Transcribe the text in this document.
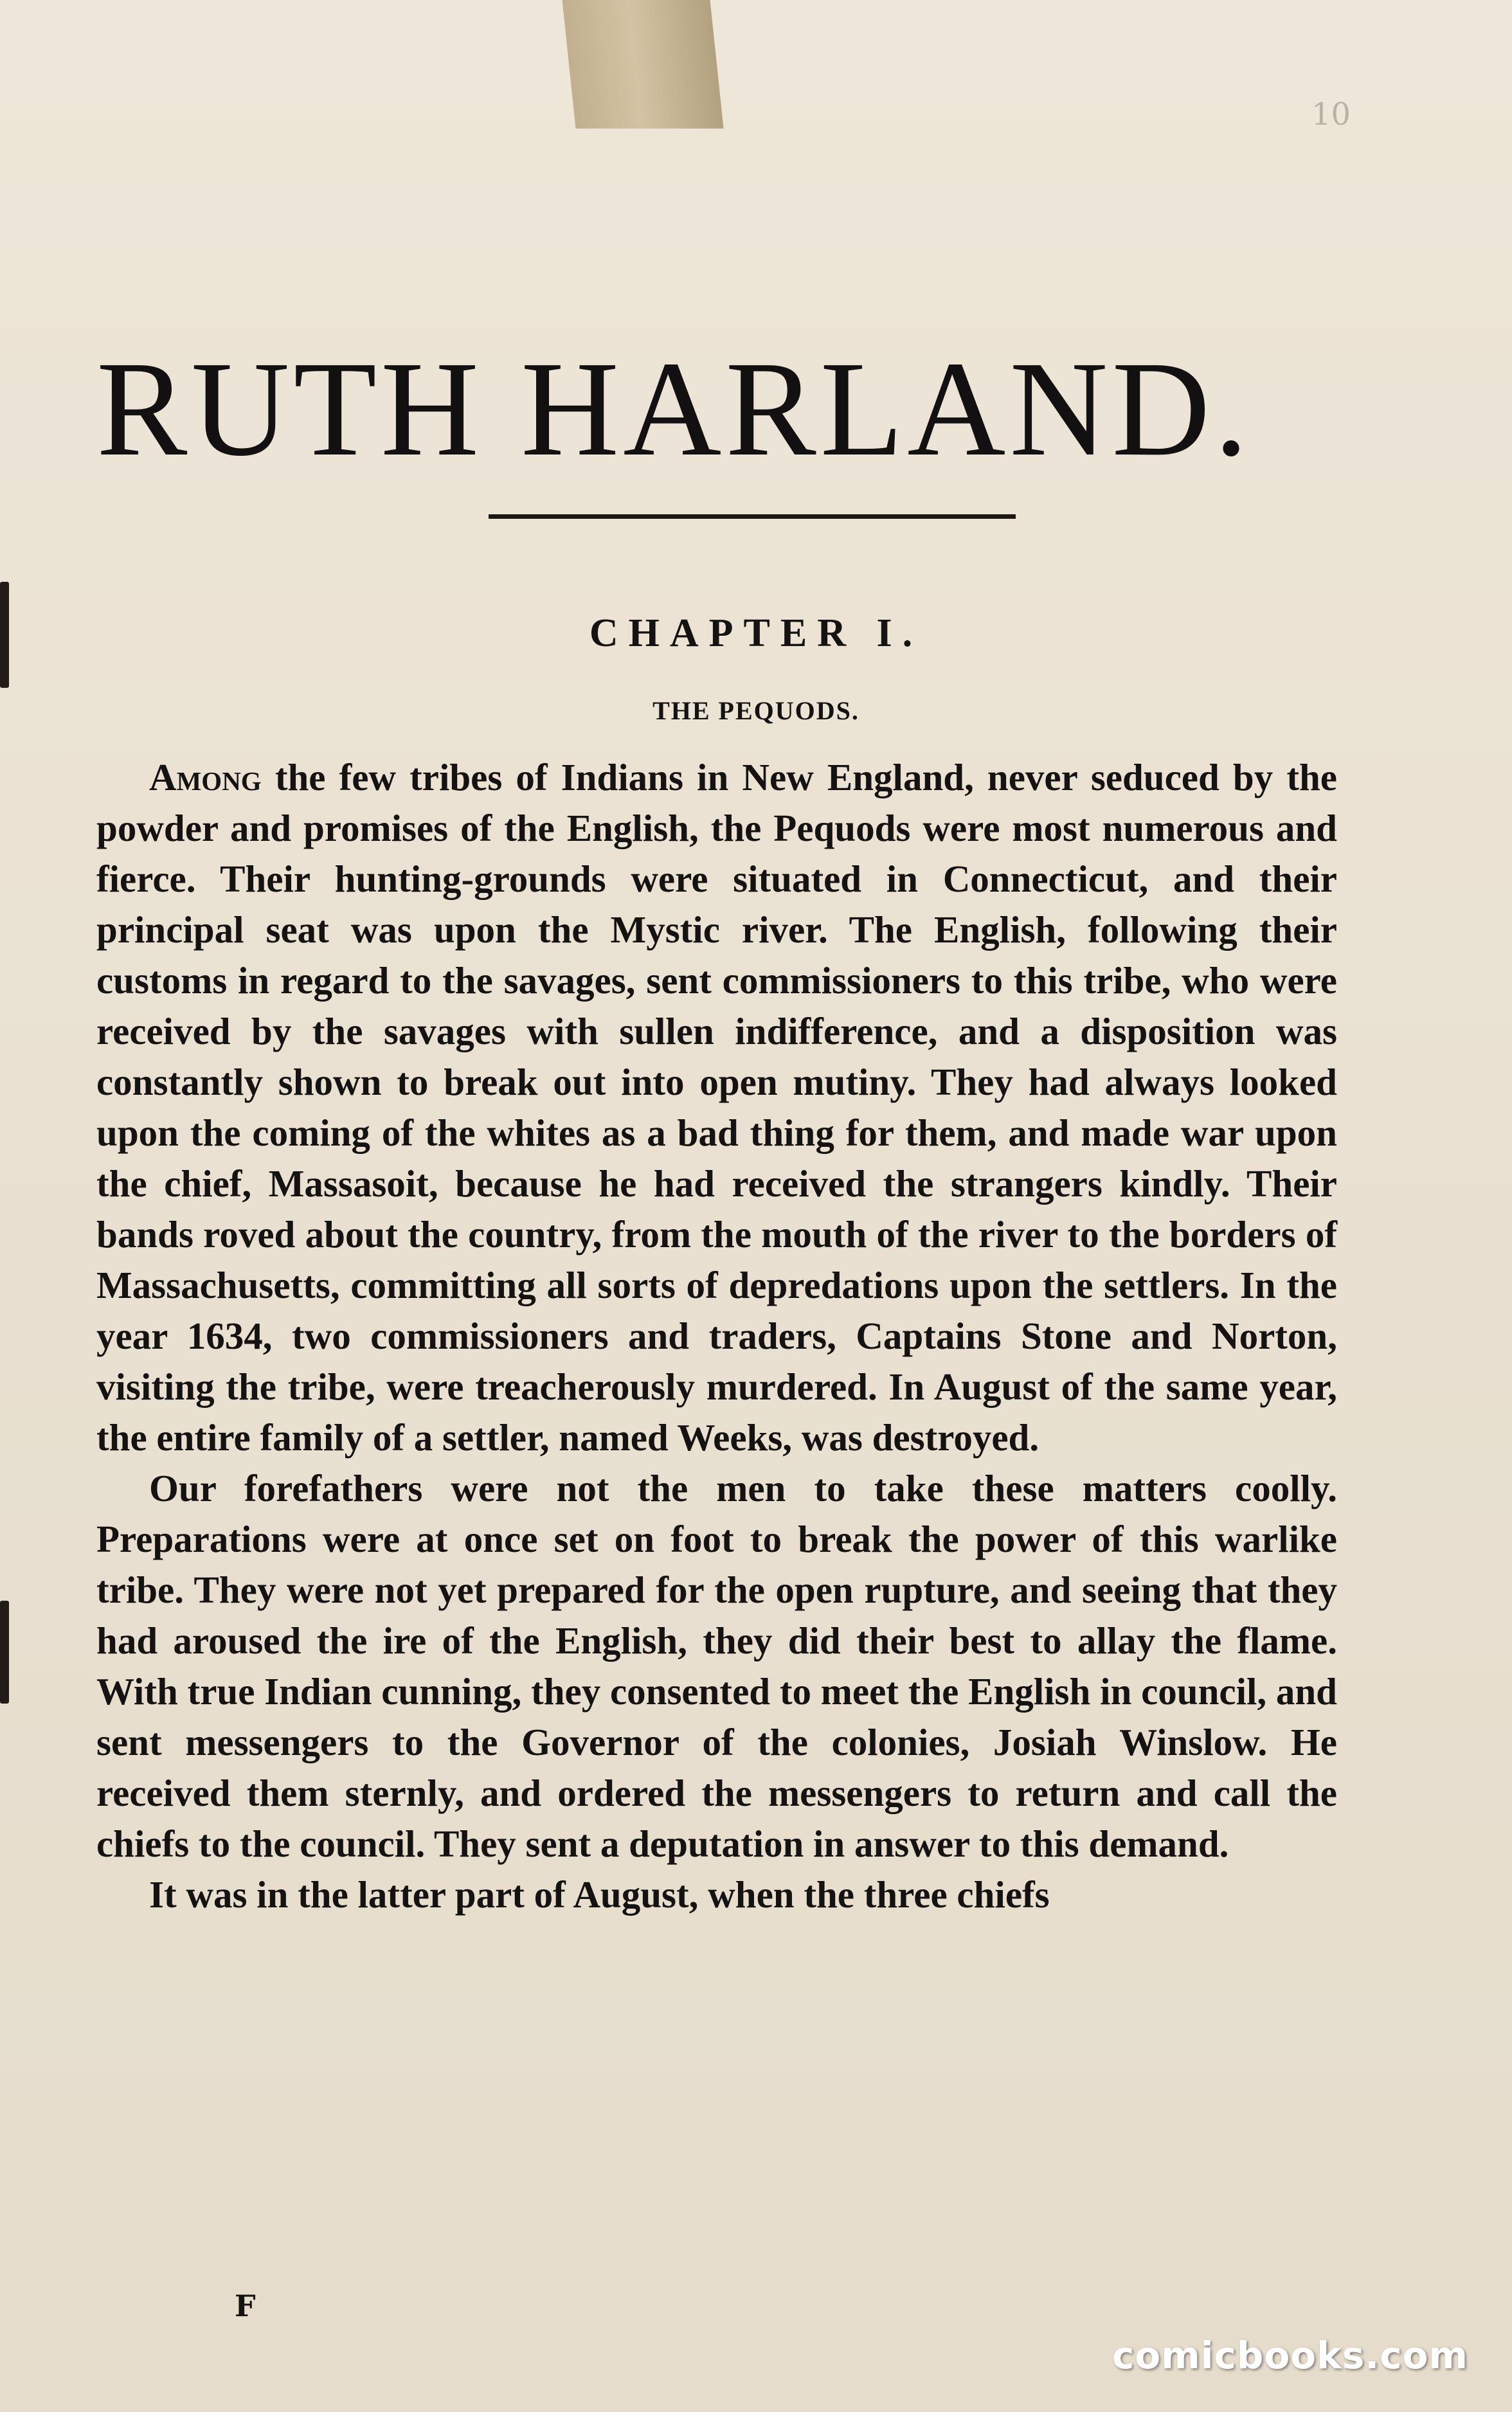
10
RUTH HARLAND.
CHAPTER I.
THE PEQUODS.

Among the few tribes of Indians in New England, never seduced by the powder and promises of the English, the Pequods were most numerous and fierce. Their hunting-grounds were situated in Connecticut, and their principal seat was upon the Mystic river. The English, following their customs in regard to the savages, sent commissioners to this tribe, who were received by the savages with sullen indifference, and a disposition was constantly shown to break out into open mutiny. They had always looked upon the coming of the whites as a bad thing for them, and made war upon the chief, Massasoit, because he had received the strangers kindly. Their bands roved about the country, from the mouth of the river to the borders of Massachusetts, committing all sorts of depredations upon the settlers. In the year 1634, two commissioners and traders, Captains Stone and Norton, visiting the tribe, were treacherously murdered. In August of the same year, the entire family of a settler, named Weeks, was destroyed.

Our forefathers were not the men to take these matters coolly. Preparations were at once set on foot to break the power of this warlike tribe. They were not yet prepared for the open rupture, and seeing that they had aroused the ire of the English, they did their best to allay the flame. With true Indian cunning, they consented to meet the English in council, and sent messengers to the Governor of the colonies, Josiah Winslow. He received them sternly, and ordered the messengers to return and call the chiefs to the council. They sent a deputation in answer to this demand.

It was in the latter part of August, when the three chiefs

F
comicbooks.com
